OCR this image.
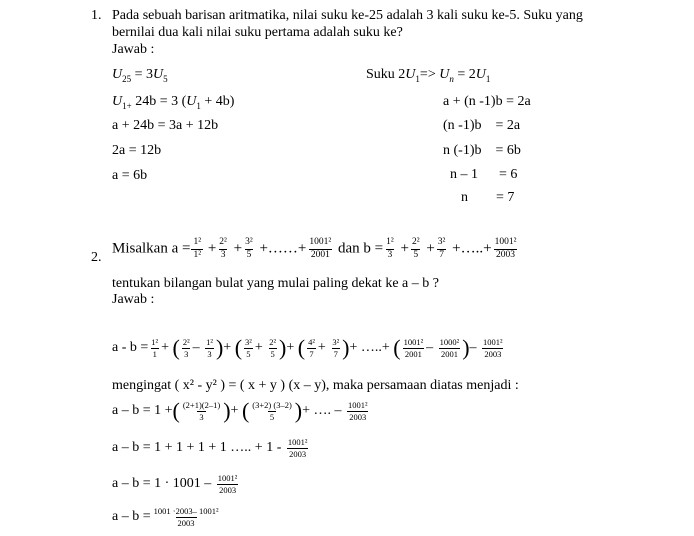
1. Pada sebuah barisan aritmatika, nilai suku ke-25 adalah 3 kali suku ke-5. Suku yang
bernilai dua kali nilai suku pertama adalah suku ke?
Jawab :
$U_{25} = 3U_5$
$U_{1+}$ 24b = 3 $(U_1 + 4b)$
a + 24b = 3a + 12b
2a = 12b
a = 6b
Suku $2U_1=> U_n = 2U_1$
a + (n -1)b = 2a
(n -1)b    = 2a
n (-1)b    = 6b
n – 1      = 6
n        = 7
2.
Misalkan $a = \frac{\text{1²}}{\text{1²}} + \frac{\text{2²}}{3} + \frac{\text{3²}}{5}$ +……+ $\frac{\text{1001²}}{2001}$ dan $b = \frac{\text{1²}}{3} + \frac{\text{2²}}{5} + \frac{\text{3²}}{7}$ +…..+ $\frac{\text{1001²}}{2003}$
tentukan bilangan bulat yang mulai paling dekat ke a – b ?
Jawab :
$a - b = \frac{\text{1²}}{1}$ + ( $\frac{\text{2²}}{3} - \frac{\text{1²}}{3}$ )+ ( $\frac{\text{3²}}{5} + \frac{\text{2²}}{5}$ )+ ( $\frac{\text{4²}}{7} + \frac{\text{3²}}{7}$ )+ …..+ ( $\frac{\text{1001²}}{2001} - \frac{\text{1000²}}{2001}$ )– $\frac{\text{1001²}}{2003}$
mengingat ( x² - y² ) = ( x + y ) (x – y), maka persamaan diatas menjadi :
a – b = 1 +( $\frac{(2+1)(2-1)}{3}$ )+ ( $\frac{(3+2) (3-2)}{5}$ )+ …. – $\frac{\text{1001²}}{2003}$
a – b = 1 + 1 + 1 + 1 ….. + $1 - \frac{\text{1001²}}{2003}$
$a - b = 1 \cdot 1001 - \frac{\text{1001²}}{2003}$
$a - b = \frac{\text{1001 ·2003– 1001²}}{2003}$
